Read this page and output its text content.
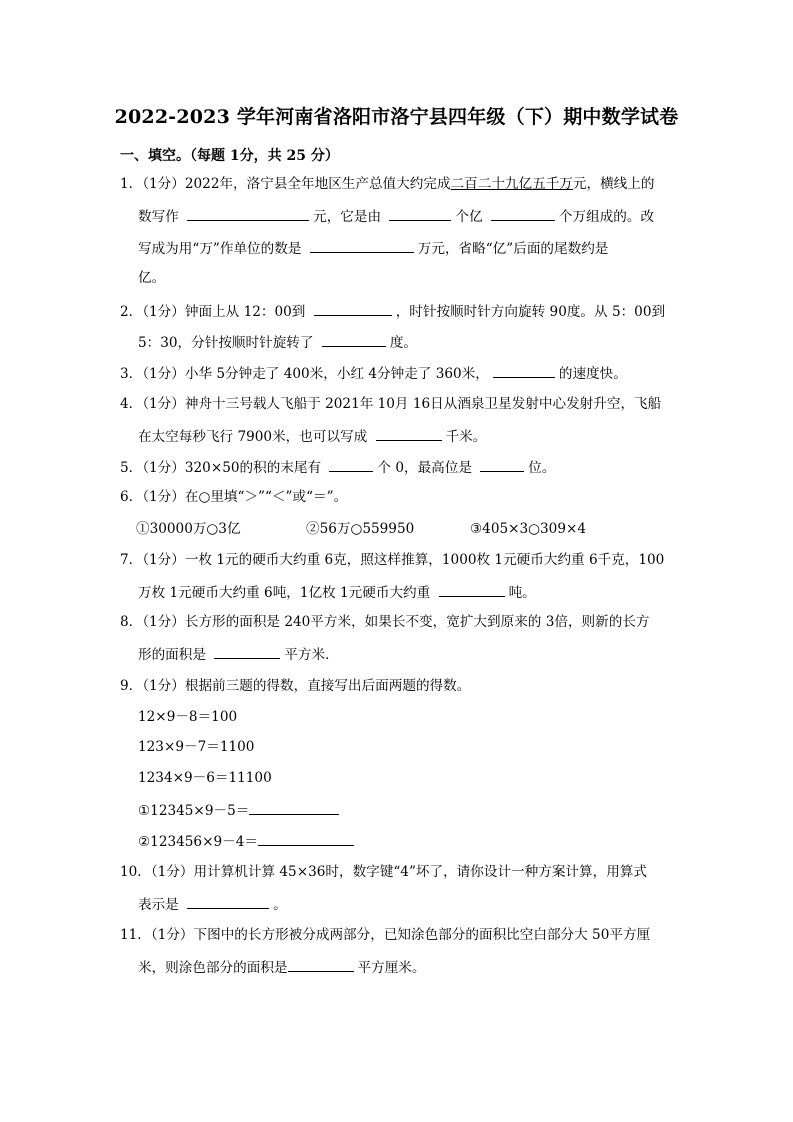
2022-2023 学年河南省洛阳市洛宁县四年级（下）期中数学试卷
一、填空。（每题 1分，共 25 分）
1．（1分）2022年，洛宁县全年地区生产总值大约完成二百二十九亿五千万元，横线上的
数写作	元，它是由	个亿	个万组成的。改
写成为用“万”作单位的数是	万元，省略“亿”后面的尾数约是
亿。
2．（1分）钟面上从 12：00到	，时针按顺时针方向旋转 90度。从 5：00到
5：30，分针按顺时针旋转了	度。
3．（1分）小华 5分钟走了 400米，小红 4分钟走了 360米，	的速度快。
4．（1分）神舟十三号载人飞船于 2021年 10月 16日从酒泉卫星发射中心发射升空，飞船
在太空每秒飞行 7900米，也可以写成	千米。
5．（1分）320×50的积的末尾有	个 0，最高位是	位。
6．（1分）在○里填“＞”“＜”或“＝”。
①30000万○3亿	②56万○559950	③405×3○309×4
7．（1分）一枚 1元的硬币大约重 6克，照这样推算，1000枚 1元硬币大约重 6千克，100
万枚 1元硬币大约重 6吨，1亿枚 1元硬币大约重	吨。
8．（1分）长方形的面积是 240平方米，如果长不变，宽扩大到原来的 3倍，则新的长方
形的面积是	平方米．
9．（1分）根据前三题的得数，直接写出后面两题的得数。
12×9－8＝100
123×9－7＝1100
1234×9－6＝11100
①12345×9－5＝
②123456×9－4＝
10．（1分）用计算机计算 45×36时，数字键“4”坏了，请你设计一种方案计算，用算式
表示是	。
11．（1分）下图中的长方形被分成两部分，已知涂色部分的面积比空白部分大 50平方厘
米，则涂色部分的面积是	平方厘米。
